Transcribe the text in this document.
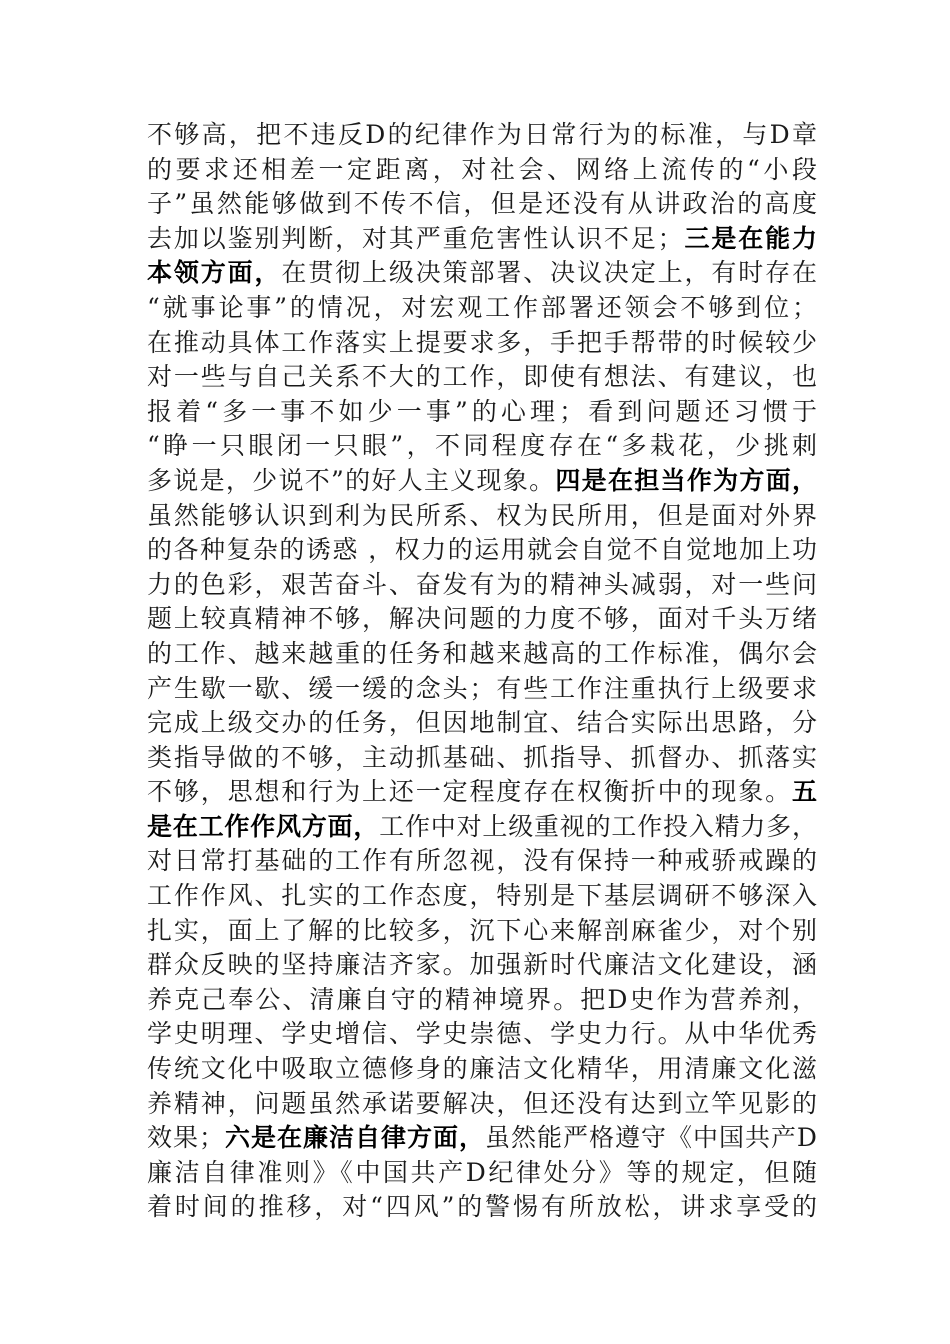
不够高，把不违反D的纪律作为日常行为的标准，与D章
的要求还相差一定距离，对社会、网络上流传的“小段
子”虽然能够做到不传不信，但是还没有从讲政治的高度
去加以鉴别判断，对其严重危害性认识不足；三是在能力
本领方面，在贯彻上级决策部署、决议决定上，有时存在
“就事论事”的情况，对宏观工作部署还领会不够到位；
在推动具体工作落实上提要求多，手把手帮带的时候较少
对一些与自己关系不大的工作，即使有想法、有建议，也
报着“多一事不如少一事”的心理；看到问题还习惯于
“睁一只眼闭一只眼”，不同程度存在“多栽花，少挑刺
多说是，少说不”的好人主义现象。四是在担当作为方面，
虽然能够认识到利为民所系、权为民所用，但是面对外界
的各种复杂的诱惑 ，权力的运用就会自觉不自觉地加上功
力的色彩，艰苦奋斗、奋发有为的精神头减弱，对一些问
题上较真精神不够，解决问题的力度不够，面对千头万绪
的工作、越来越重的任务和越来越高的工作标准，偶尔会
产生歇一歇、缓一缓的念头；有些工作注重执行上级要求
完成上级交办的任务，但因地制宜、结合实际出思路，分
类指导做的不够，主动抓基础、抓指导、抓督办、抓落实
不够，思想和行为上还一定程度存在权衡折中的现象。五
是在工作作风方面，工作中对上级重视的工作投入精力多，
对日常打基础的工作有所忽视，没有保持一种戒骄戒躁的
工作作风、扎实的工作态度，特别是下基层调研不够深入
扎实，面上了解的比较多，沉下心来解剖麻雀少，对个别
群众反映的坚持廉洁齐家。加强新时代廉洁文化建设，涵
养克己奉公、清廉自守的精神境界。把D史作为营养剂，
学史明理、学史增信、学史崇德、学史力行。从中华优秀
传统文化中吸取立德修身的廉洁文化精华，用清廉文化滋
养精神，问题虽然承诺要解决，但还没有达到立竿见影的
效果；六是在廉洁自律方面，虽然能严格遵守《中国共产D
廉洁自律准则》《中国共产D纪律处分》等的规定，但随
着时间的推移，对“四风”的警惕有所放松，讲求享受的
